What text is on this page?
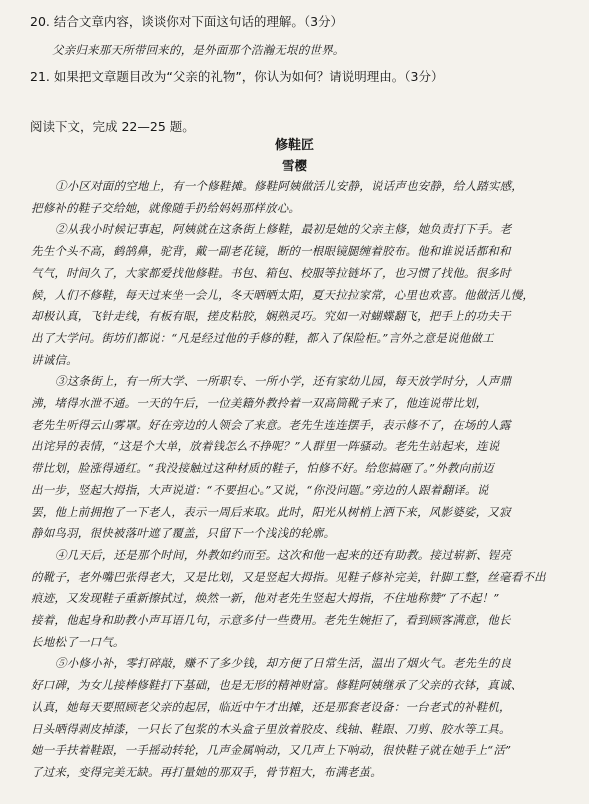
20. 结合文章内容，谈谈你对下面这句话的理解。（3分）
父亲归来那天所带回来的，是外面那个浩瀚无垠的世界。
21. 如果把文章题目改为“父亲的礼物”，你认为如何？请说明理由。（3分）
阅读下文，完成 22—25 题。
修鞋匠
雪樱
①小区对面的空地上，有一个修鞋摊。修鞋阿姨做活儿安静，说话声也安静，给人踏实感，
把修补的鞋子交给她，就像随手扔给妈妈那样放心。
②从我小时候记事起，阿姨就在这条街上修鞋，最初是她的父亲主修，她负责打下手。老
先生个头不高，鹤鹄鼻，驼背，戴一副老花镜，断的一根眼镜腿缠着胶布。他和谁说话都和和
气气，时间久了，大家都爱找他修鞋。书包、箱包、校服等拉链坏了，也习惯了找他。很多时
候，人们不修鞋，每天过来坐一会儿，冬天晒晒太阳，夏天拉拉家常，心里也欢喜。他做活儿慢，
却极认真，飞针走线，有板有眼，搓皮粘胶，娴熟灵巧。究如一对蝴蝶翻飞，把手上的功夫干
出了大学问。街坊们都说：“凡是经过他的手修的鞋，都入了保险柜。”言外之意是说他做工
讲诚信。
③这条街上，有一所大学、一所职专、一所小学，还有家幼儿园，每天放学时分，人声鼎
沸，堵得水泄不通。一天的午后，一位美籍外教拎着一双高筒靴子来了，他连说带比划，
老先生听得云山雾罩。好在旁边的人领会了来意。老先生连连摆手，表示修不了，在场的人露
出诧异的表情，“这是个大单，放着钱怎么不挣呢？”人群里一阵骚动。老先生站起来，连说
带比划，脸涨得通红。“我没接触过这种材质的鞋子，怕修不好。给您搞砸了。”外教向前迈
出一步，竖起大拇指，大声说道：“不要担心。”又说，“你没问题。”旁边的人跟着翻译。说
罢，他上前拥抱了一下老人，表示一周后来取。此时，阳光从树梢上洒下来，风影婆娑，又寂
静如鸟羽，很快被落叶遮了覆盖，只留下一个浅浅的轮廓。
④几天后，还是那个时间，外教如约而至。这次和他一起来的还有助教。接过崭新、锃亮
的靴子，老外嘴巴张得老大，又是比划，又是竖起大拇指。见鞋子修补完美，针脚工整，丝毫看不出
痕迹，又发现鞋子重新擦拭过，焕然一新，他对老先生竖起大拇指，不住地称赞“了不起！”
接着，他起身和助教小声耳语几句，示意多付一些费用。老先生婉拒了，看到顾客满意，他长
长地松了一口气。
⑤小修小补，零打碎敲，赚不了多少钱，却方便了日常生活，温出了烟火气。老先生的良
好口碑，为女儿接棒修鞋打下基础，也是无形的精神财富。修鞋阿姨继承了父亲的衣钵，真诚、
认真，她每天要照顾老父亲的起居，临近中午才出摊，还是那套老设备：一台老式的补鞋机，
日头晒得剥皮掉漆，一只长了包浆的木头盒子里放着胶皮、线轴、鞋跟、刀剪、胶水等工具。
她一手扶着鞋跟，一手摇动转轮，几声金属响动，又几声上下响动，很快鞋子就在她手上“活”
了过来，变得完美无缺。再打量她的那双手，骨节粗大，布满老茧。
